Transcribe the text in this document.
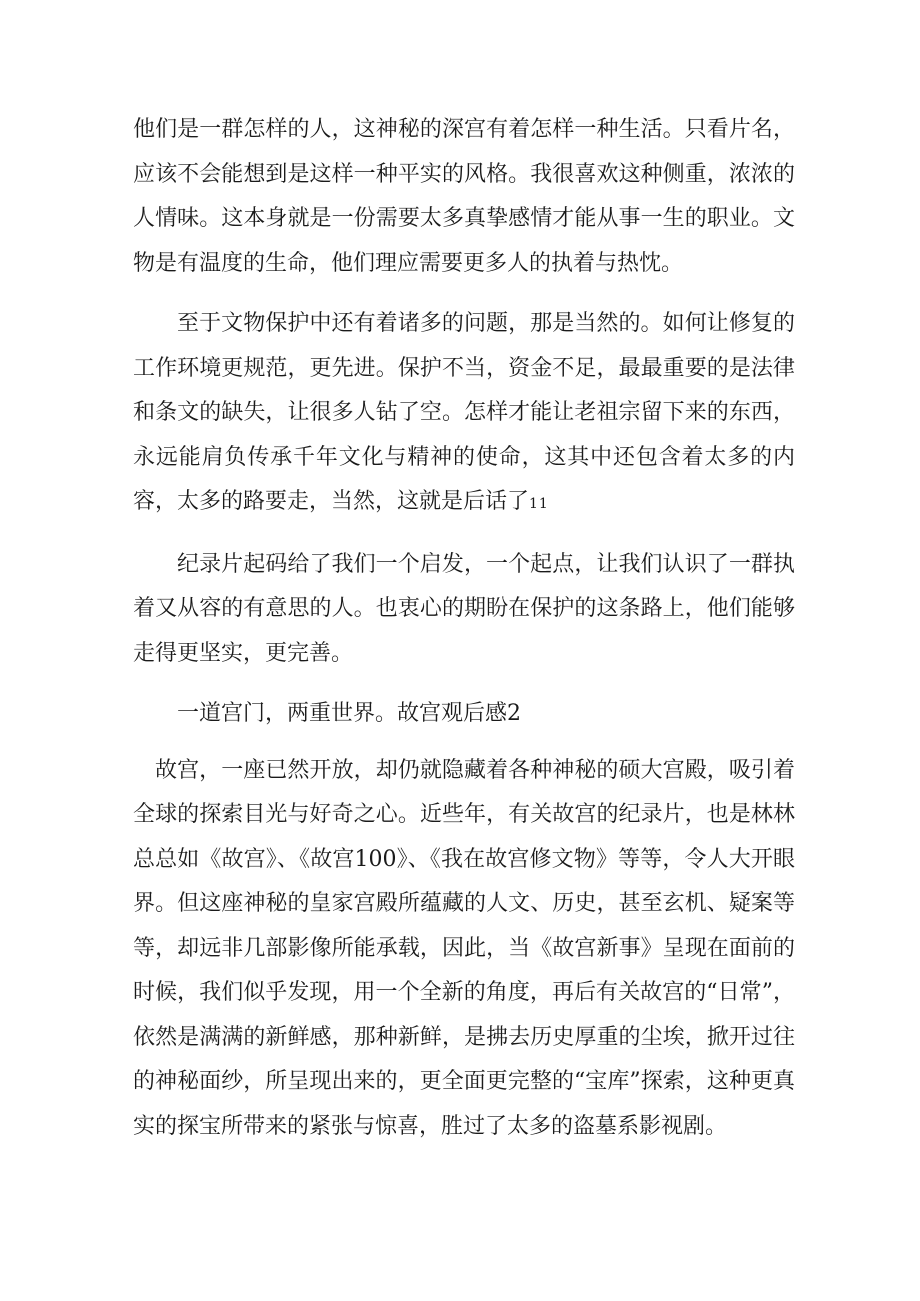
他们是一群怎样的人，这神秘的深宫有着怎样一种生活。只看片名，应该不会能想到是这样一种平实的风格。我很喜欢这种侧重，浓浓的人情味。这本身就是一份需要太多真挚感情才能从事一生的职业。文物是有温度的生命，他们理应需要更多人的执着与热忱。

至于文物保护中还有着诸多的问题，那是当然的。如何让修复的工作环境更规范，更先进。保护不当，资金不足，最最重要的是法律和条文的缺失，让很多人钻了空。怎样才能让老祖宗留下来的东西，永远能肩负传承千年文化与精神的使命，这其中还包含着太多的内容，太多的路要走，当然，这就是后话了11

纪录片起码给了我们一个启发，一个起点，让我们认识了一群执着又从容的有意思的人。也衷心的期盼在保护的这条路上，他们能够走得更坚实，更完善。

一道宫门，两重世界。故宫观后感2

故宫，一座已然开放，却仍就隐藏着各种神秘的硕大宫殿，吸引着全球的探索目光与好奇之心。近些年，有关故宫的纪录片，也是林林总总如《故宫》、《故宫100》、《我在故宫修文物》等等，令人大开眼界。但这座神秘的皇家宫殿所蕴藏的人文、历史，甚至玄机、疑案等等，却远非几部影像所能承载，因此，当《故宫新事》呈现在面前的时候，我们似乎发现，用一个全新的角度，再后有关故宫的“日常”，依然是满满的新鲜感，那种新鲜，是拂去历史厚重的尘埃，掀开过往的神秘面纱，所呈现出来的，更全面更完整的“宝库”探索，这种更真实的探宝所带来的紧张与惊喜，胜过了太多的盗墓系影视剧。
